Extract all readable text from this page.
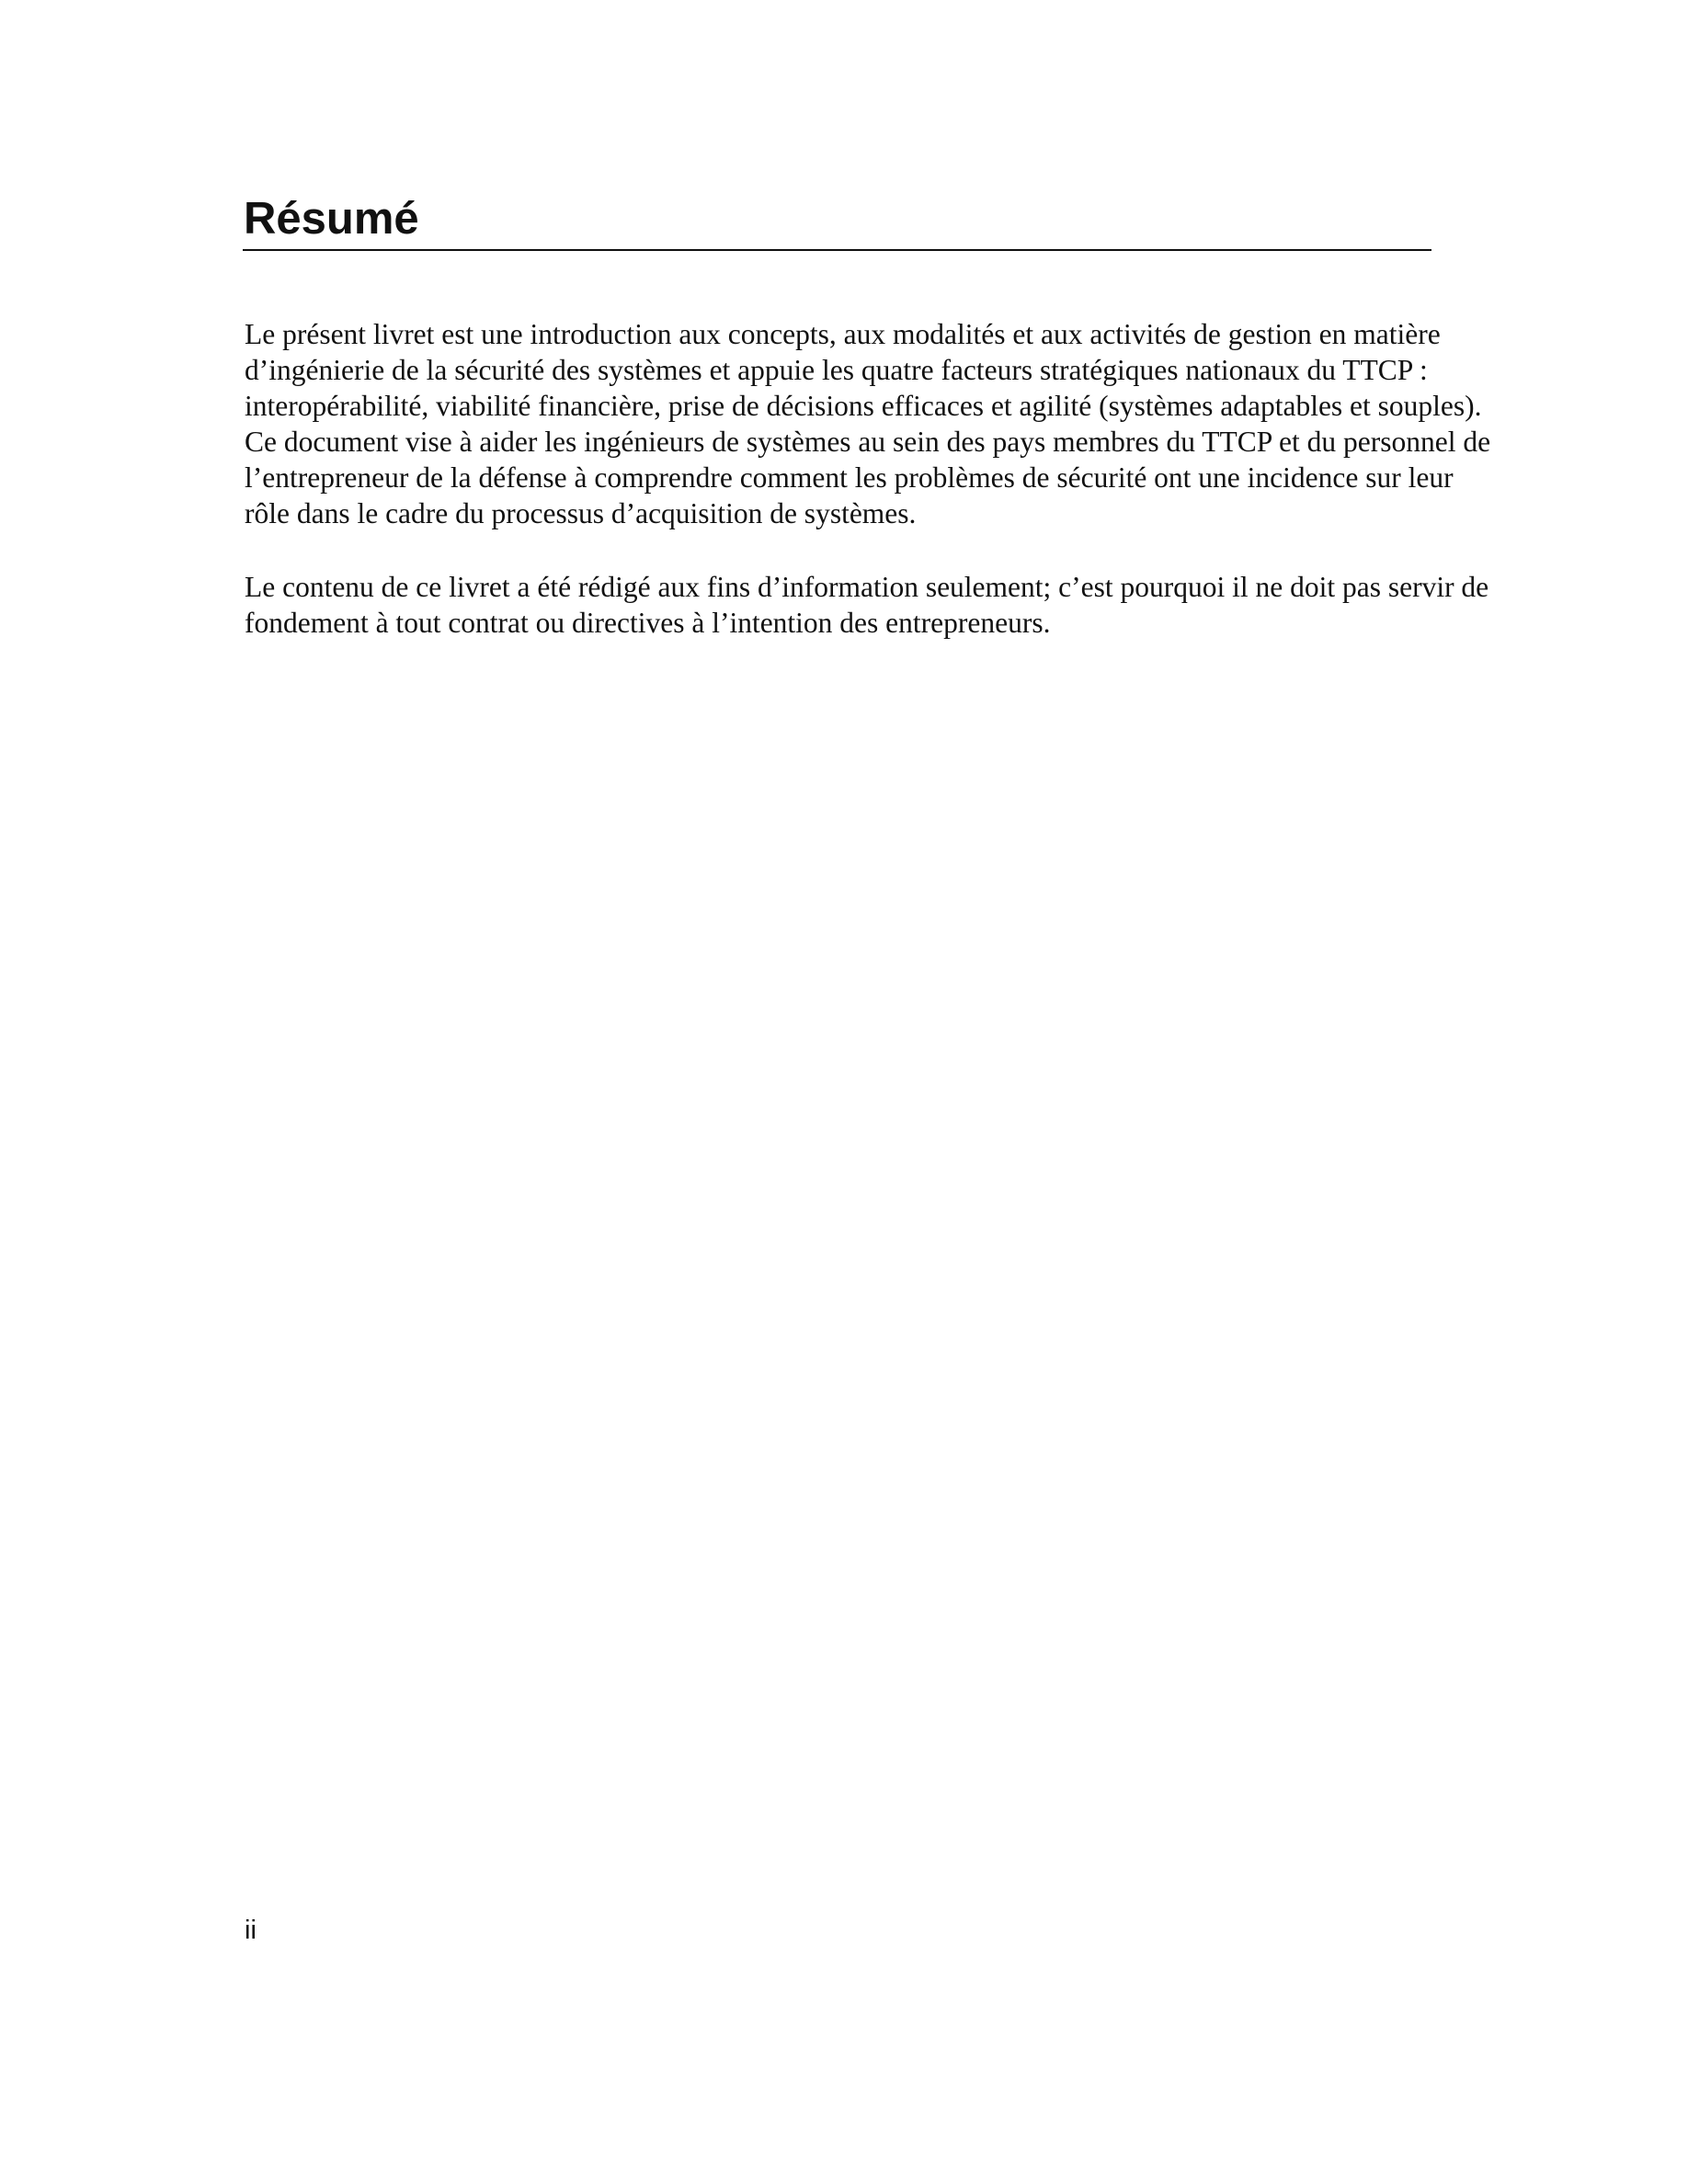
Résumé

Le présent livret est une introduction aux concepts, aux modalités et aux activités de gestion en matière
d’ingénierie de la sécurité des systèmes et appuie les quatre facteurs stratégiques nationaux du TTCP :
interopérabilité, viabilité financière, prise de décisions efficaces et agilité (systèmes adaptables et souples).
Ce document vise à aider les ingénieurs de systèmes au sein des pays membres du TTCP et du personnel de
l’entrepreneur de la défense à comprendre comment les problèmes de sécurité ont une incidence sur leur
rôle dans le cadre du processus d’acquisition de systèmes.

Le contenu de ce livret a été rédigé aux fins d’information seulement; c’est pourquoi il ne doit pas servir de
fondement à tout contrat ou directives à l’intention des entrepreneurs.

ii
